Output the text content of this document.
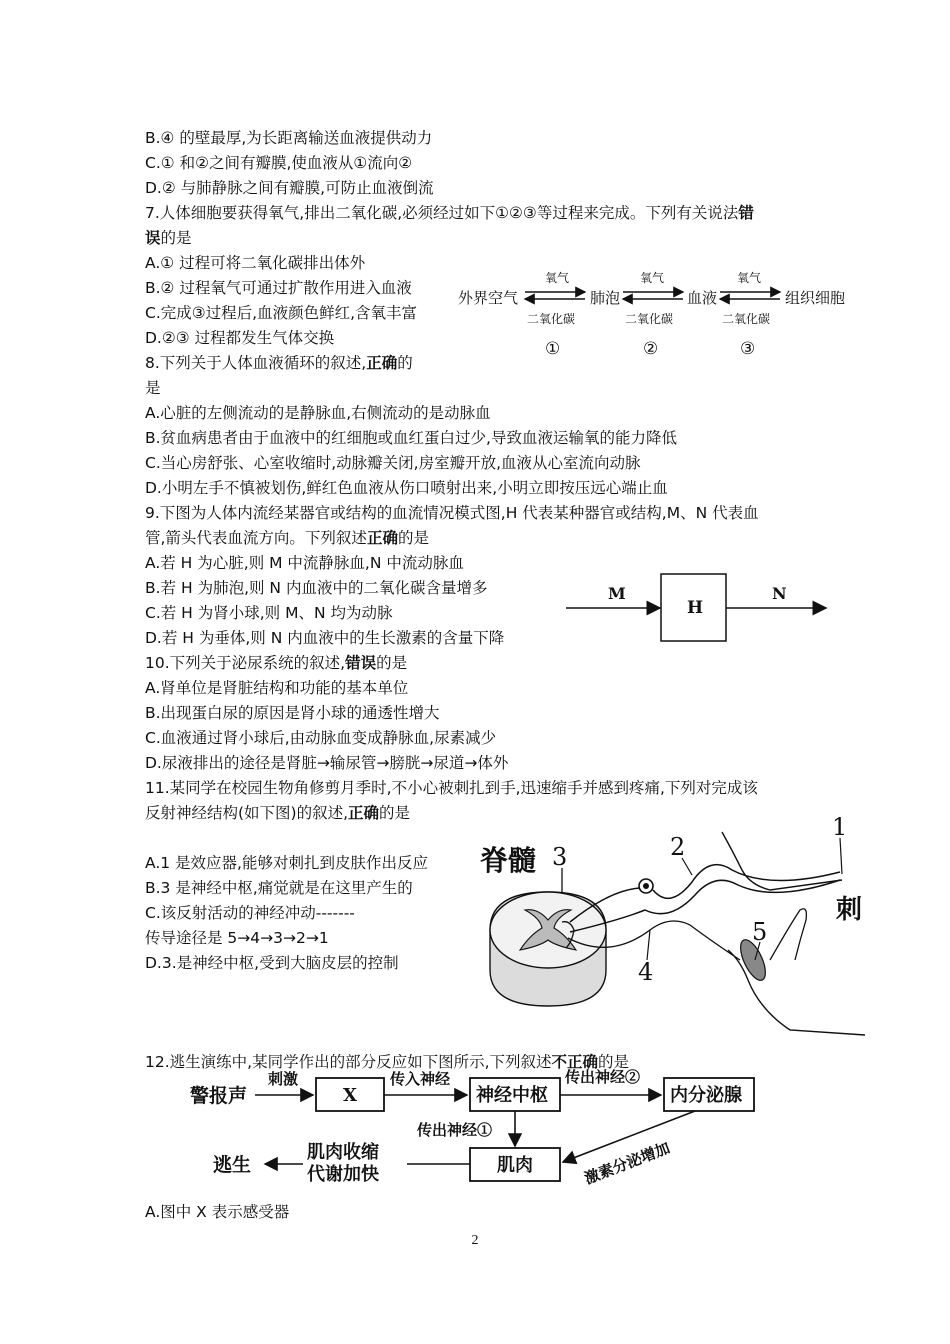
B.④ 的壁最厚,为长距离输送血液提供动力
C.① 和②之间有瓣膜,使血液从①流向②
D.② 与肺静脉之间有瓣膜,可防止血液倒流
7.人体细胞要获得氧气,排出二氧化碳,必须经过如下①②③等过程来完成。下列有关说法错
误的是
A.① 过程可将二氧化碳排出体外
B.② 过程氧气可通过扩散作用进入血液
C.完成③过程后,血液颜色鲜红,含氧丰富
D.②③ 过程都发生气体交换
8.下列关于人体血液循环的叙述,正确的
是
A.心脏的左侧流动的是静脉血,右侧流动的是动脉血
B.贫血病患者由于血液中的红细胞或血红蛋白过少,导致血液运输氧的能力降低
C.当心房舒张、心室收缩时,动脉瓣关闭,房室瓣开放,血液从心室流向动脉
D.小明左手不慎被划伤,鲜红色血液从伤口喷射出来,小明立即按压远心端止血
9.下图为人体内流经某器官或结构的血流情况模式图,H 代表某种器官或结构,M、N 代表血
管,箭头代表血流方向。下列叙述正确的是
A.若 H 为心脏,则 M 中流静脉血,N 中流动脉血
B.若 H 为肺泡,则 N 内血液中的二氧化碳含量增多
C.若 H 为肾小球,则 M、N 均为动脉
D.若 H 为垂体,则 N 内血液中的生长激素的含量下降
10.下列关于泌尿系统的叙述,错误的是
A.肾单位是肾脏结构和功能的基本单位
B.出现蛋白尿的原因是肾小球的通透性增大
C.血液通过肾小球后,由动脉血变成静脉血,尿素减少
D.尿液排出的途径是肾脏→输尿管→膀胱→尿道→体外
11.某同学在校园生物角修剪月季时,不小心被刺扎到手,迅速缩手并感到疼痛,下列对完成该
反射神经结构(如下图)的叙述,正确的是
A.1 是效应器,能够对刺扎到皮肤作出反应
B.3 是神经中枢,痛觉就是在这里产生的
C.该反射活动的神经冲动-------
传导途径是 5→4→3→2→1
D.3.是神经中枢,受到大脑皮层的控制
12.逃生演练中,某同学作出的部分反应如下图所示,下列叙述不正确的是
A.图中 X 表示感受器
外界空气
氧气
二氧化碳
肺泡
氧气
二氧化碳
血液
氧气
二氧化碳
组织细胞
①	②	③
M
H
N
脊髓 3
5
2
1
4
刺
警报声
刺激
X
传入神经
神经中枢
传出神经②
内分泌腺
传出神经①
肌肉	激素分泌增加
肌肉收缩
代谢加快
逃生
2
